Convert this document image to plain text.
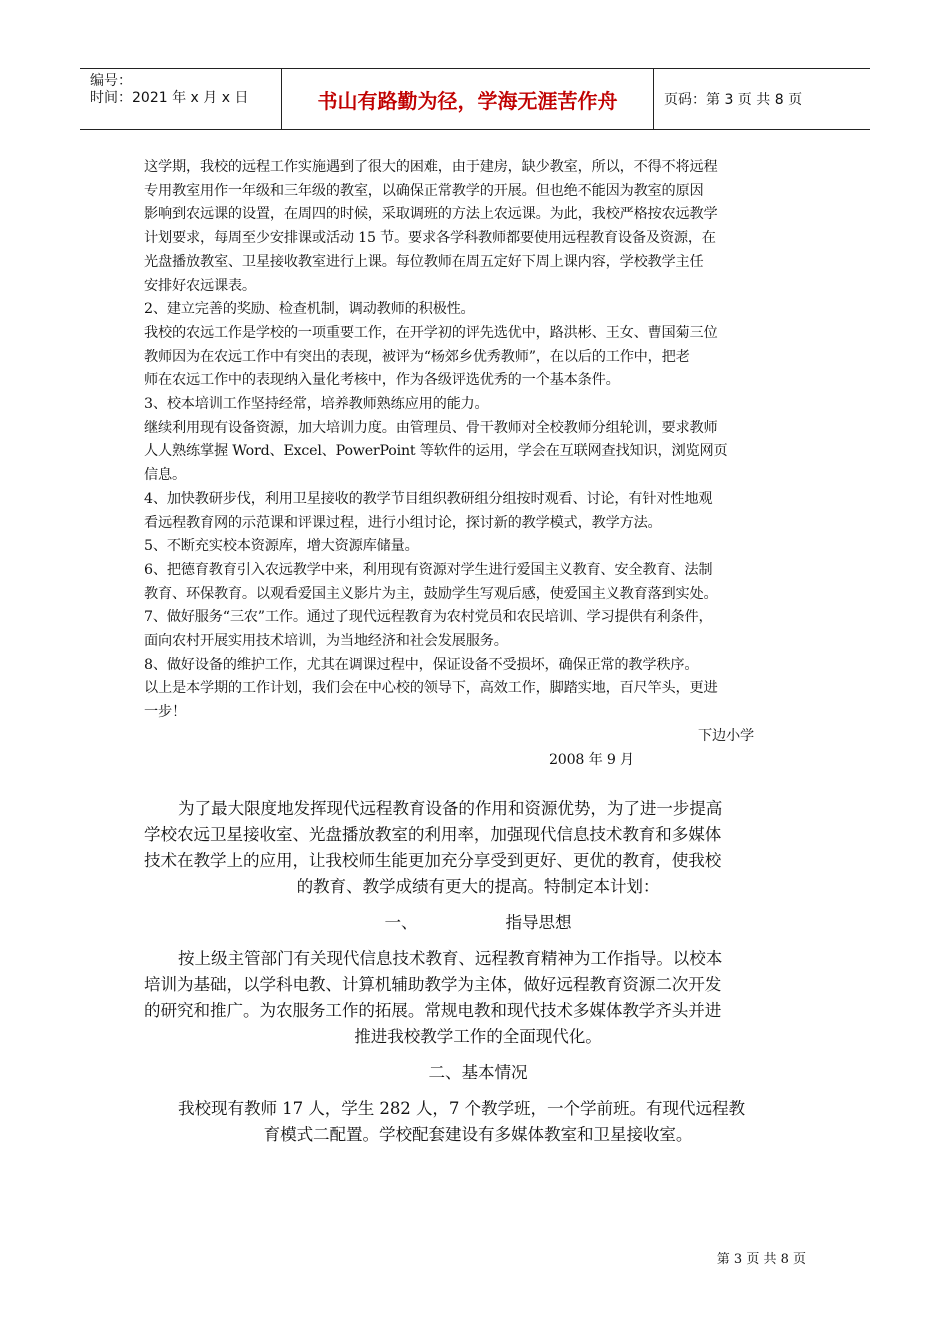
编号：
时间：2021 年 x 月 x 日	书山有路勤为径，学海无涯苦作舟	页码：第 3 页 共 8 页

这学期，我校的远程工作实施遇到了很大的困难，由于建房，缺少教室，所以，不得不将远程

专用教室用作一年级和三年级的教室，以确保正常教学的开展。但也绝不能因为教室的原因

影响到农远课的设置，在周四的时候，采取调班的方法上农远课。为此，我校严格按农远教学

计划要求，每周至少安排课或活动 15 节。要求各学科教师都要使用远程教育设备及资源，在

光盘播放教室、卫星接收教室进行上课。每位教师在周五定好下周上课内容，学校教学主任

安排好农远课表。

2、建立完善的奖励、检查机制，调动教师的积极性。

我校的农远工作是学校的一项重要工作，在开学初的评先选优中，路洪彬、王女、曹国菊三位

教师因为在农远工作中有突出的表现，被评为“杨郊乡优秀教师”，在以后的工作中，把老

师在农远工作中的表现纳入量化考核中，作为各级评选优秀的一个基本条件。

3、校本培训工作坚持经常，培养教师熟练应用的能力。

继续利用现有设备资源，加大培训力度。由管理员、骨干教师对全校教师分组轮训，要求教师

人人熟练掌握 Word、Excel、PowerPoint 等软件的运用，学会在互联网查找知识，浏览网页

信息。

4、加快教研步伐，利用卫星接收的教学节目组织教研组分组按时观看、讨论，有针对性地观

看远程教育网的示范课和评课过程，进行小组讨论，探讨新的教学模式，教学方法。

5、不断充实校本资源库，增大资源库储量。

6、把德育教育引入农远教学中来，利用现有资源对学生进行爱国主义教育、安全教育、法制

教育、环保教育。以观看爱国主义影片为主，鼓励学生写观后感，使爱国主义教育落到实处。

7、做好服务“三农”工作。通过了现代远程教育为农村党员和农民培训、学习提供有利条件，

面向农村开展实用技术培训，为当地经济和社会发展服务。

8、做好设备的维护工作，尤其在调课过程中，保证设备不受损坏，确保正常的教学秩序。

以上是本学期的工作计划，我们会在中心校的领导下，高效工作，脚踏实地，百尺竿头，更进

一步！

下边小学

2008 年 9 月

为了最大限度地发挥现代远程教育设备的作用和资源优势，为了进一步提高

学校农远卫星接收室、光盘播放教室的利用率，加强现代信息技术教育和多媒体

技术在教学上的应用，让我校师生能更加充分享受到更好、更优的教育，使我校

的教育、教学成绩有更大的提高。特制定本计划：

一、	指导思想

按上级主管部门有关现代信息技术教育、远程教育精神为工作指导。以校本

培训为基础，以学科电教、计算机辅助教学为主体，做好远程教育资源二次开发

的研究和推广。为农服务工作的拓展。常规电教和现代技术多媒体教学齐头并进

推进我校教学工作的全面现代化。

二、基本情况

我校现有教师 17 人，学生 282 人，7 个教学班，一个学前班。有现代远程教

育模式二配置。学校配套建设有多媒体教室和卫星接收室。

第 3 页 共 8 页
